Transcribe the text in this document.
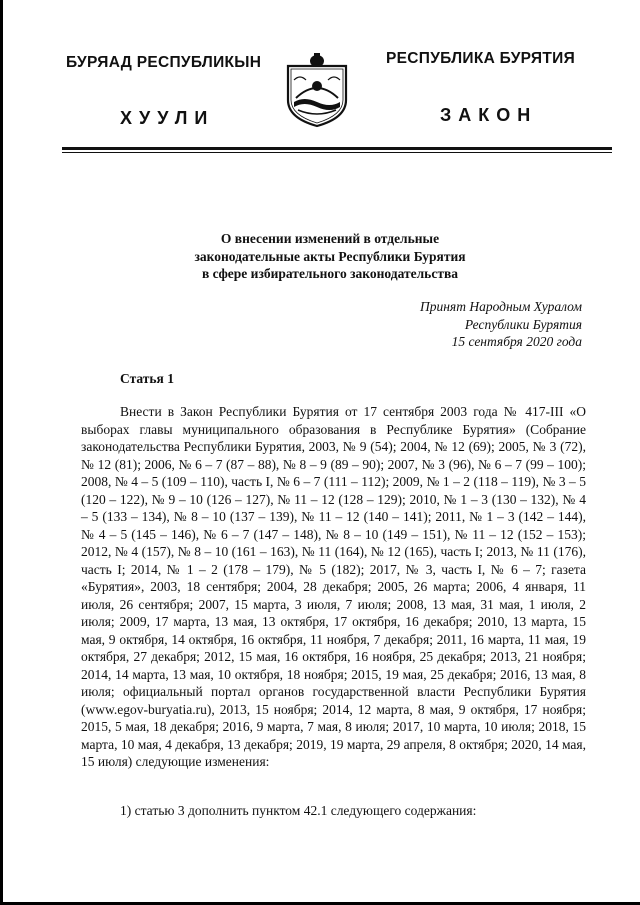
БУРЯАД РЕСПУБЛИКЫН	РЕСПУБЛИКА БУРЯТИЯ
ХУУЛИ	ЗАКОН
О внесении изменений в отдельные
законодательные акты Республики Бурятия
в сфере избирательного законодательства
Принят Народным Хуралом
Республики Бурятия
15 сентября 2020 года
Статья 1

Внести в Закон Республики Бурятия от 17 сентября 2003 года № 417-III «О выборах главы муниципального образования в Республике Бурятия» (Собрание законодательства Республики Бурятия, 2003, № 9 (54); 2004, № 12 (69); 2005, № 3 (72), № 12 (81); 2006, № 6 – 7 (87 – 88), № 8 – 9 (89 – 90); 2007, № 3 (96), № 6 – 7 (99 – 100); 2008, № 4 – 5 (109 – 110), часть I, № 6 – 7 (111 – 112); 2009, № 1 – 2 (118 – 119), № 3 – 5 (120 – 122), № 9 – 10 (126 – 127), № 11 – 12 (128 – 129); 2010, № 1 – 3 (130 – 132), № 4 – 5 (133 – 134), № 8 – 10 (137 – 139), № 11 – 12 (140 – 141); 2011, № 1 – 3 (142 – 144), № 4 – 5 (145 – 146), № 6 – 7 (147 – 148), № 8 – 10 (149 – 151), № 11 – 12 (152 – 153); 2012, № 4 (157), № 8 – 10 (161 – 163), № 11 (164), № 12 (165), часть I; 2013, № 11 (176), часть I; 2014, № 1 – 2 (178 – 179), № 5 (182); 2017, № 3, часть I, № 6 – 7; газета «Бурятия», 2003, 18 сентября; 2004, 28 декабря; 2005, 26 марта; 2006, 4 января, 11 июля, 26 сентября; 2007, 15 марта, 3 июля, 7 июля; 2008, 13 мая, 31 мая, 1 июля, 2 июля; 2009, 17 марта, 13 мая, 13 октября, 17 октября, 16 декабря; 2010, 13 марта, 15 мая, 9 октября, 14 октября, 16 октября, 11 ноября, 7 декабря; 2011, 16 марта, 11 мая, 19 октября, 27 декабря; 2012, 15 мая, 16 октября, 16 ноября, 25 декабря; 2013, 21 ноября; 2014, 14 марта, 13 мая, 10 октября, 18 ноября; 2015, 19 мая, 25 декабря; 2016, 13 мая, 8 июля; официальный портал органов государственной власти Республики Бурятия (www.egov-buryatia.ru), 2013, 15 ноября; 2014, 12 марта, 8 мая, 9 октября, 17 ноября; 2015, 5 мая, 18 декабря; 2016, 9 марта, 7 мая, 8 июля; 2017, 10 марта, 10 июля; 2018, 15 марта, 10 мая, 4 декабря, 13 декабря; 2019, 19 марта, 29 апреля, 8 октября; 2020, 14 мая, 15 июля) следующие изменения:

1) статью 3 дополнить пунктом 42.1 следующего содержания:
